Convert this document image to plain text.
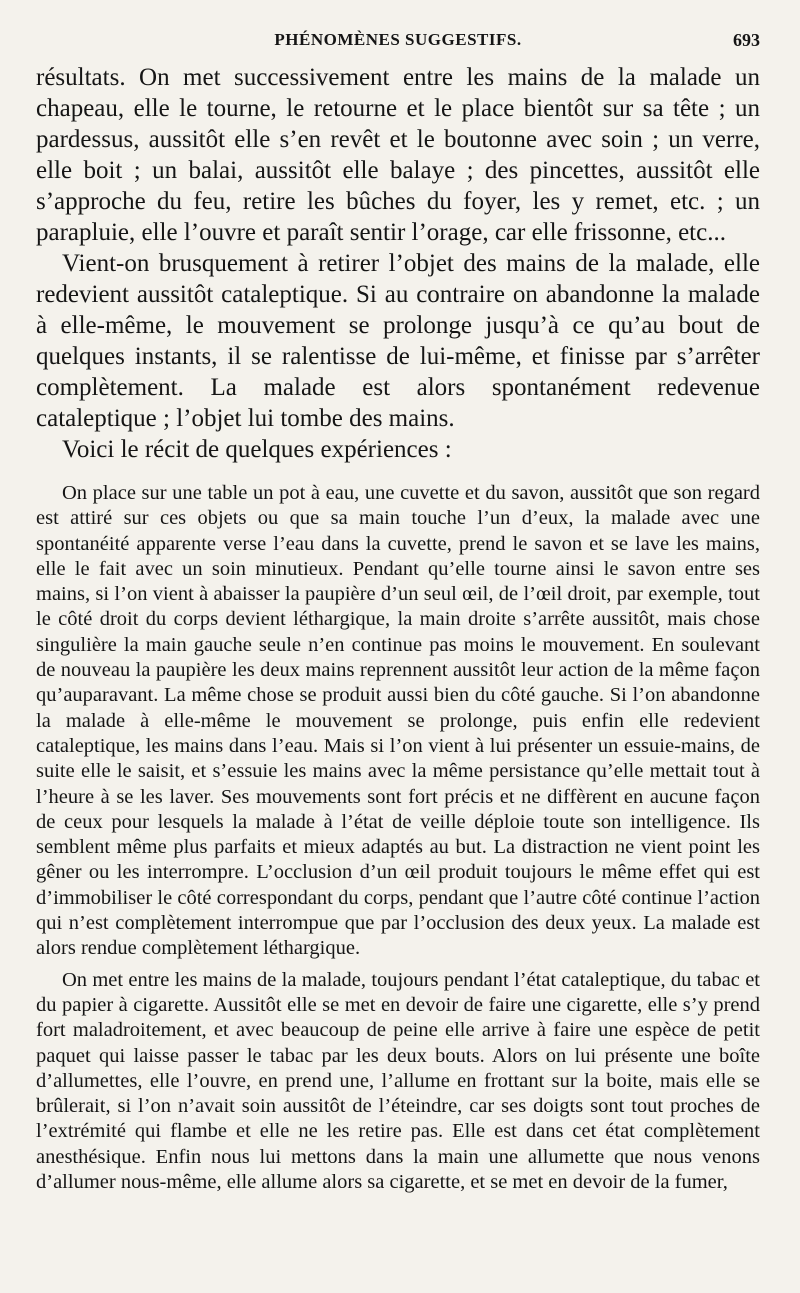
PHÉNOMÈNES SUGGESTIFS.	693

résultats. On met successivement entre les mains de la malade un chapeau, elle le tourne, le retourne et le place bientôt sur sa tête ; un pardessus, aussitôt elle s’en revêt et le boutonne avec soin ; un verre, elle boit ; un balai, aussitôt elle balaye ; des pincettes, aussitôt elle s’approche du feu, retire les bûches du foyer, les y remet, etc. ; un parapluie, elle l’ouvre et paraît sentir l’orage, car elle frissonne, etc...

Vient-on brusquement à retirer l’objet des mains de la malade, elle redevient aussitôt cataleptique. Si au contraire on abandonne la malade à elle-même, le mouvement se prolonge jusqu’à ce qu’au bout de quelques instants, il se ralentisse de lui-même, et finisse par s’arrêter complètement. La malade est alors spontanément redevenue cataleptique ; l’objet lui tombe des mains.

Voici le récit de quelques expériences :

On place sur une table un pot à eau, une cuvette et du savon, aussitôt que son regard est attiré sur ces objets ou que sa main touche l’un d’eux, la malade avec une spontanéité apparente verse l’eau dans la cuvette, prend le savon et se lave les mains, elle le fait avec un soin minutieux. Pendant qu’elle tourne ainsi le savon entre ses mains, si l’on vient à abaisser la paupière d’un seul œil, de l’œil droit, par exemple, tout le côté droit du corps devient léthargique, la main droite s’arrête aussitôt, mais chose singulière la main gauche seule n’en continue pas moins le mouvement. En soulevant de nouveau la paupière les deux mains reprennent aussitôt leur action de la même façon qu’auparavant. La même chose se produit aussi bien du côté gauche. Si l’on abandonne la malade à elle-même le mouvement se prolonge, puis enfin elle redevient cataleptique, les mains dans l’eau. Mais si l’on vient à lui présenter un essuie-mains, de suite elle le saisit, et s’essuie les mains avec la même persistance qu’elle mettait tout à l’heure à se les laver. Ses mouvements sont fort précis et ne diffèrent en aucune façon de ceux pour lesquels la malade à l’état de veille déploie toute son intelligence. Ils semblent même plus parfaits et mieux adaptés au but. La distraction ne vient point les gêner ou les interrompre. L’occlusion d’un œil produit toujours le même effet qui est d’immobiliser le côté correspondant du corps, pendant que l’autre côté continue l’action qui n’est complètement interrompue que par l’occlusion des deux yeux. La malade est alors rendue complètement léthargique.

On met entre les mains de la malade, toujours pendant l’état cataleptique, du tabac et du papier à cigarette. Aussitôt elle se met en devoir de faire une cigarette, elle s’y prend fort maladroitement, et avec beaucoup de peine elle arrive à faire une espèce de petit paquet qui laisse passer le tabac par les deux bouts. Alors on lui présente une boîte d’allumettes, elle l’ouvre, en prend une, l’allume en frottant sur la boite, mais elle se brûlerait, si l’on n’avait soin aussitôt de l’éteindre, car ses doigts sont tout proches de l’extrémité qui flambe et elle ne les retire pas. Elle est dans cet état complètement anesthésique. Enfin nous lui mettons dans la main une allumette que nous venons d’allumer nous-même, elle allume alors sa cigarette, et se met en devoir de la fumer,
